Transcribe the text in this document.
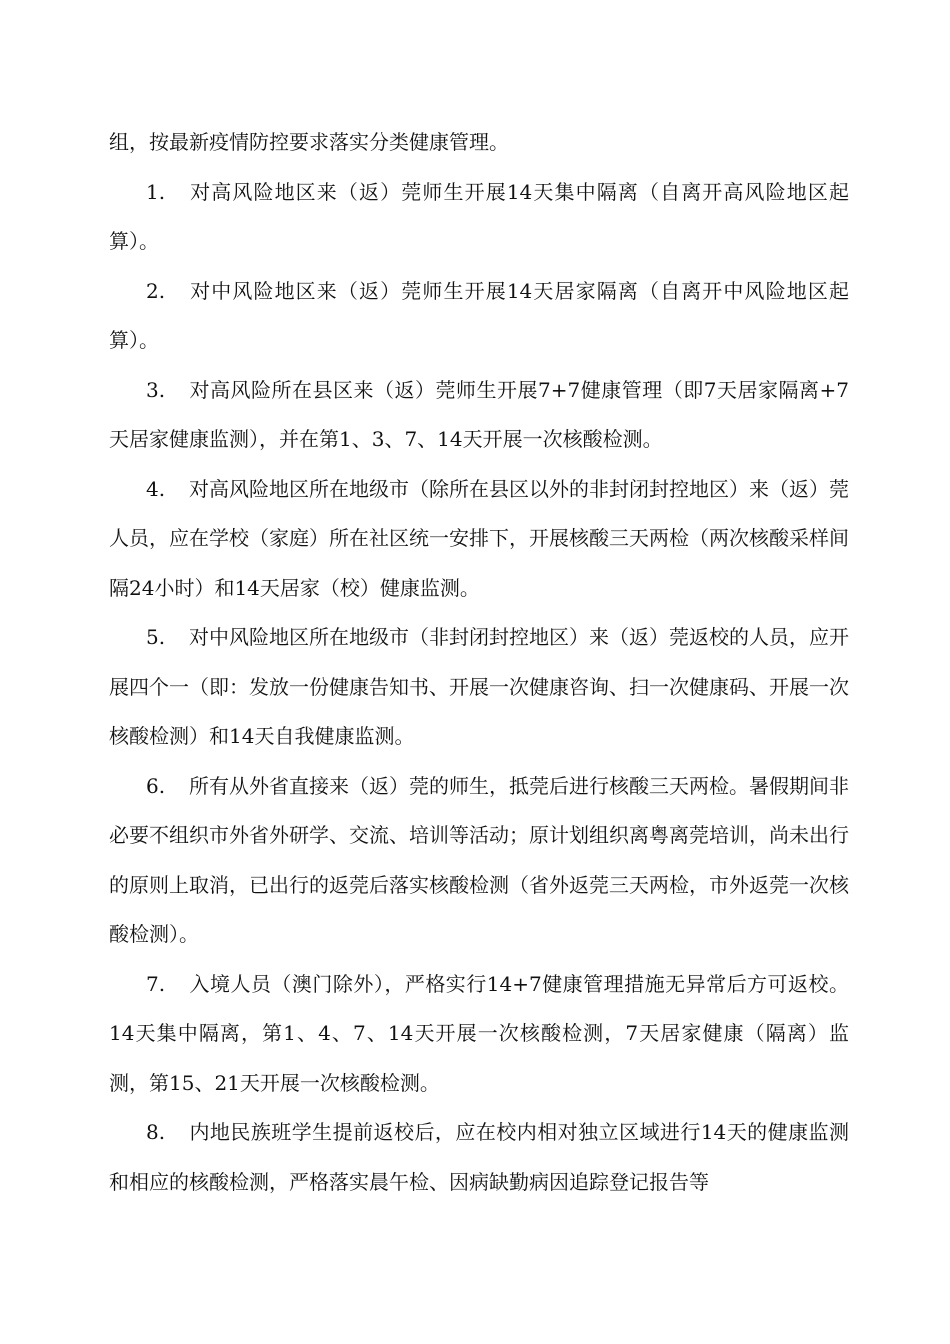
组，按最新疫情防控要求落实分类健康管理。

1. 对高风险地区来（返）莞师生开展14天集中隔离（自离开高风险地区起算）。

2. 对中风险地区来（返）莞师生开展14天居家隔离（自离开中风险地区起算）。

3. 对高风险所在县区来（返）莞师生开展7+7健康管理（即7天居家隔离+7天居家健康监测），并在第1、3、7、14天开展一次核酸检测。

4. 对高风险地区所在地级市（除所在县区以外的非封闭封控地区）来（返）莞人员，应在学校（家庭）所在社区统一安排下，开展核酸三天两检（两次核酸采样间隔24小时）和14天居家（校）健康监测。

5. 对中风险地区所在地级市（非封闭封控地区）来（返）莞返校的人员，应开展四个一（即：发放一份健康告知书、开展一次健康咨询、扫一次健康码、开展一次核酸检测）和14天自我健康监测。

6. 所有从外省直接来（返）莞的师生，抵莞后进行核酸三天两检。暑假期间非必要不组织市外省外研学、交流、培训等活动；原计划组织离粤离莞培训，尚未出行的原则上取消，已出行的返莞后落实核酸检测（省外返莞三天两检，市外返莞一次核酸检测）。

7. 入境人员（澳门除外），严格实行14+7健康管理措施无异常后方可返校。14天集中隔离，第1、4、7、14天开展一次核酸检测，7天居家健康（隔离）监测，第15、21天开展一次核酸检测。

8. 内地民族班学生提前返校后，应在校内相对独立区域进行14天的健康监测和相应的核酸检测，严格落实晨午检、因病缺勤病因追踪登记报告等
